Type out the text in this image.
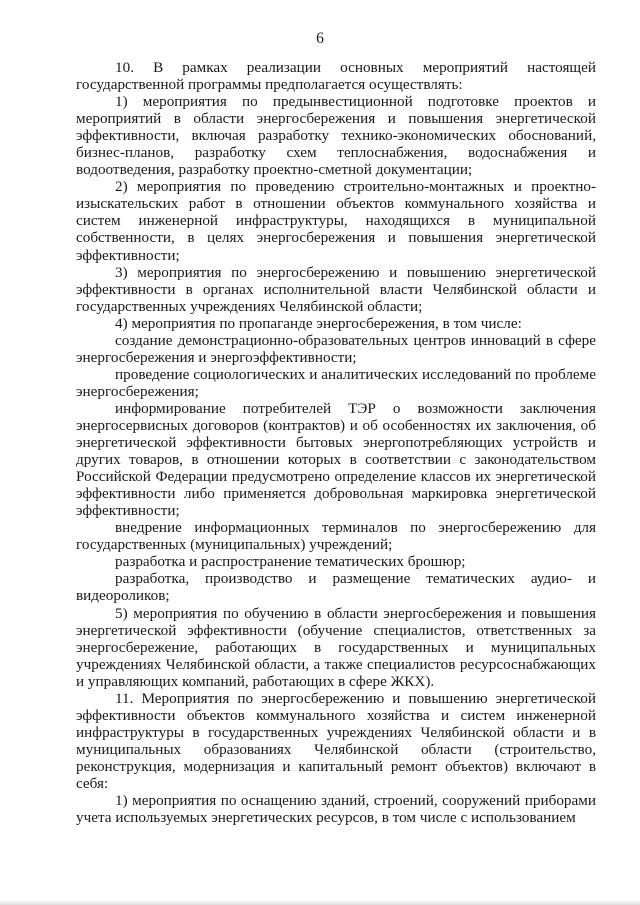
6

10. В рамках реализации основных мероприятий настоящей государственной программы предполагается осуществлять:

1) мероприятия по предынвестиционной подготовке проектов и мероприятий в области энергосбережения и повышения энергетической эффективности, включая разработку технико-экономических обоснований, бизнес-планов, разработку схем теплоснабжения, водоснабжения и водоотведения, разработку проектно-сметной документации;

2) мероприятия по проведению строительно-монтажных и проектно-изыскательских работ в отношении объектов коммунального хозяйства и систем инженерной инфраструктуры, находящихся в муниципальной собственности, в целях энергосбережения и повышения энергетической эффективности;

3) мероприятия по энергосбережению и повышению энергетической эффективности в органах исполнительной власти Челябинской области и государственных учреждениях Челябинской области;

4) мероприятия по пропаганде энергосбережения, в том числе:

создание демонстрационно-образовательных центров инноваций в сфере энергосбережения и энергоэффективности;

проведение социологических и аналитических исследований по проблеме энергосбережения;

информирование потребителей ТЭР о возможности заключения энергосервисных договоров (контрактов) и об особенностях их заключения, об энергетической эффективности бытовых энергопотребляющих устройств и других товаров, в отношении которых в соответствии с законодательством Российской Федерации предусмотрено определение классов их энергетической эффективности либо применяется добровольная маркировка энергетической эффективности;

внедрение информационных терминалов по энергосбережению для государственных (муниципальных) учреждений;

разработка и распространение тематических брошюр;

разработка, производство и размещение тематических аудио- и видеороликов;

5) мероприятия по обучению в области энергосбережения и повышения энергетической эффективности (обучение специалистов, ответственных за энергосбережение, работающих в государственных и муниципальных учреждениях Челябинской области, а также специалистов ресурсоснабжающих и управляющих компаний, работающих в сфере ЖКХ).

11. Мероприятия по энергосбережению и повышению энергетической эффективности объектов коммунального хозяйства и систем инженерной инфраструктуры в государственных учреждениях Челябинской области и в муниципальных образованиях Челябинской области (строительство, реконструкция, модернизация и капитальный ремонт объектов) включают в себя:

1) мероприятия по оснащению зданий, строений, сооружений приборами учета используемых энергетических ресурсов, в том числе с использованием
